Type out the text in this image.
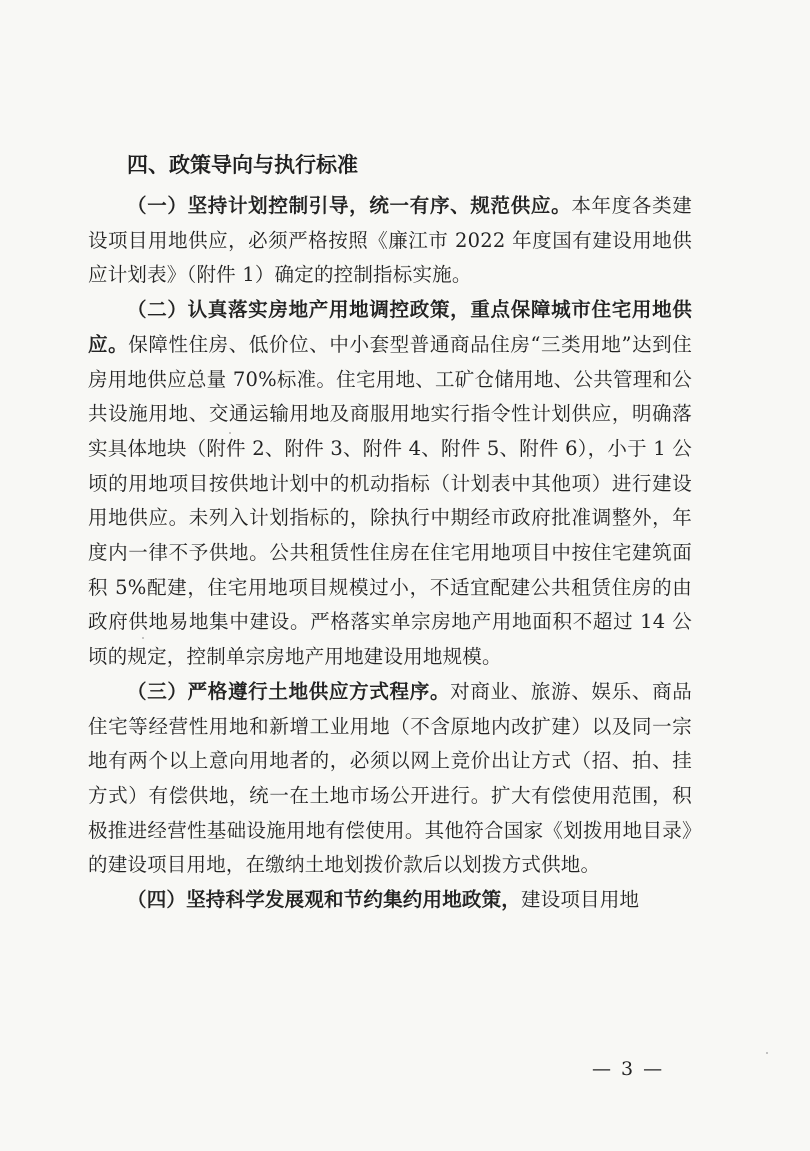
四、政策导向与执行标准

（一）坚持计划控制引导，统一有序、规范供应。本年度各类建设项目用地供应，必须严格按照《廉江市 2022 年度国有建设用地供应计划表》（附件 1）确定的控制指标实施。

（二）认真落实房地产用地调控政策，重点保障城市住宅用地供应。保障性住房、低价位、中小套型普通商品住房“三类用地”达到住房用地供应总量 70%标准。住宅用地、工矿仓储用地、公共管理和公共设施用地、交通运输用地及商服用地实行指令性计划供应，明确落实具体地块（附件 2、附件 3、附件 4、附件 5、附件 6），小于 1 公顷的用地项目按供地计划中的机动指标（计划表中其他项）进行建设用地供应。未列入计划指标的，除执行中期经市政府批准调整外，年度内一律不予供地。公共租赁性住房在住宅用地项目中按住宅建筑面积 5%配建，住宅用地项目规模过小，不适宜配建公共租赁住房的由政府供地易地集中建设。严格落实单宗房地产用地面积不超过 14 公顷的规定，控制单宗房地产用地建设用地规模。

（三）严格遵行土地供应方式程序。对商业、旅游、娱乐、商品住宅等经营性用地和新增工业用地（不含原地内改扩建）以及同一宗地有两个以上意向用地者的，必须以网上竞价出让方式（招、拍、挂方式）有偿供地，统一在土地市场公开进行。扩大有偿使用范围，积极推进经营性基础设施用地有偿使用。其他符合国家《划拨用地目录》的建设项目用地，在缴纳土地划拨价款后以划拨方式供地。

（四）坚持科学发展观和节约集约用地政策，建设项目用地

— 3 —
